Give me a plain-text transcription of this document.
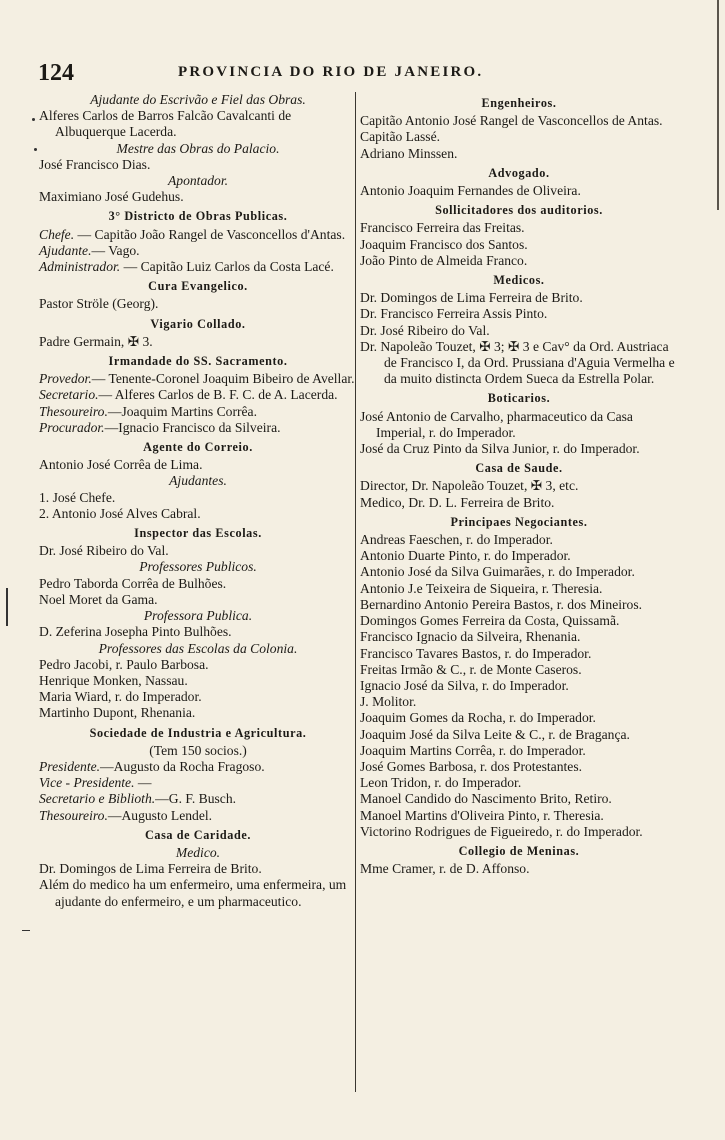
124	PROVINCIA DO RIO DE JANEIRO.

Ajudante do Escrivão e Fiel das Obras.

Alferes Carlos de Barros Falcão Cavalcanti de Albuquerque Lacerda.

Mestre das Obras do Palacio.

José Francisco Dias.

Apontador.

Maximiano José Gudehus.

3° Districto de Obras Publicas.

Chefe. — Capitão João Rangel de Vasconcellos d'Antas.

Ajudante.— Vago.

Administrador. — Capitão Luiz Carlos da Costa Lacé.

Cura Evangelico.

Pastor Ströle (Georg).

Vigario Collado.

Padre Germain, ✠ 3.

Irmandade do SS. Sacramento.

Provedor.— Tenente-Coronel Joaquim Bibeiro de Avellar.

Secretario.— Alferes Carlos de B. F. C. de A. Lacerda.

Thesoureiro.—Joaquim Martins Corrêa.

Procurador.—Ignacio Francisco da Silveira.

Agente do Correio.

Antonio José Corrêa de Lima.

Ajudantes.

1. José Chefe.

2. Antonio José Alves Cabral.

Inspector das Escolas.

Dr. José Ribeiro do Val.

Professores Publicos.

Pedro Taborda Corrêa de Bulhões.

Noel Moret da Gama.

Professora Publica.

D. Zeferina Josepha Pinto Bulhões.

Professores das Escolas da Colonia.

Pedro Jacobi, r. Paulo Barbosa.

Henrique Monken, Nassau.

Maria Wiard, r. do Imperador.

Martinho Dupont, Rhenania.

Sociedade de Industria e Agricultura.

(Tem 150 socios.)

Presidente.—Augusto da Rocha Fragoso.

Vice - Presidente. —

Secretario e Biblioth.—G. F. Busch.

Thesoureiro.—Augusto Lendel.

Casa de Caridade.

Medico.

Dr. Domingos de Lima Ferreira de Brito.

Além do medico ha um enfermeiro, uma enfermeira, um ajudante do enfermeiro, e um pharmaceutico.

Engenheiros.

Capitão Antonio José Rangel de Vasconcellos de Antas.

Capitão Lassé.

Adriano Minssen.

Advogado.

Antonio Joaquim Fernandes de Oliveira.

Sollicitadores dos auditorios.

Francisco Ferreira das Freitas.

Joaquim Francisco dos Santos.

João Pinto de Almeida Franco.

Medicos.

Dr. Domingos de Lima Ferreira de Brito.

Dr. Francisco Ferreira Assis Pinto.

Dr. José Ribeiro do Val.

Dr. Napoleão Touzet, ✠ 3; ✠ 3 e Cav° da Ord. Austriaca de Francisco I, da Ord. Prussiana d'Aguia Vermelha e da muito distincta Ordem Sueca da Estrella Polar.

Boticarios.

José Antonio de Carvalho, pharmaceutico da Casa Imperial, r. do Imperador.

José da Cruz Pinto da Silva Junior, r. do Imperador.

Casa de Saude.

Director, Dr. Napoleão Touzet, ✠ 3, etc.

Medico, Dr. D. L. Ferreira de Brito.

Principaes Negociantes.

Andreas Faeschen, r. do Imperador.

Antonio Duarte Pinto, r. do Imperador.

Antonio José da Silva Guimarães, r. do Imperador.

Antonio J.e Teixeira de Siqueira, r. Theresia.

Bernardino Antonio Pereira Bastos, r. dos Mineiros.

Domingos Gomes Ferreira da Costa, Quissamã.

Francisco Ignacio da Silveira, Rhenania.

Francisco Tavares Bastos, r. do Imperador.

Freitas Irmão & C., r. de Monte Caseros.

Ignacio José da Silva, r. do Imperador.

J. Molitor.

Joaquim Gomes da Rocha, r. do Imperador.

Joaquim José da Silva Leite & C., r. de Bragança.

Joaquim Martins Corrêa, r. do Imperador.

José Gomes Barbosa, r. dos Protestantes.

Leon Tridon, r. do Imperador.

Manoel Candido do Nascimento Brito, Retiro.

Manoel Martins d'Oliveira Pinto, r. Theresia.

Victorino Rodrigues de Figueiredo, r. do Imperador.

Collegio de Meninas.

Mme Cramer, r. de D. Affonso.
